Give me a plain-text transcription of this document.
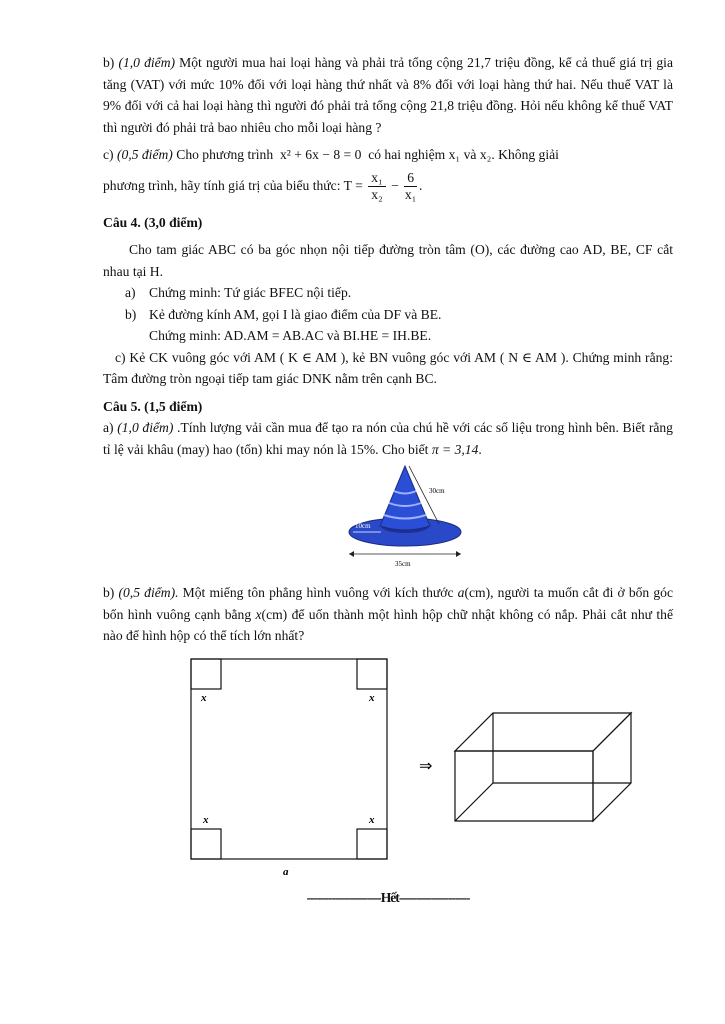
b) (1,0 điểm) Một người mua hai loại hàng và phải trả tổng cộng 21,7 triệu đồng, kể cả thuế giá trị gia tăng (VAT) với mức 10% đối với loại hàng thứ nhất và 8% đối với loại hàng thứ hai. Nếu thuế VAT là 9% đối với cả hai loại hàng thì người đó phải trả tổng cộng 21,8 triệu đồng. Hỏi nếu không kể thuế VAT thì người đó phải trả bao nhiêu cho mỗi loại hàng ?

c) (0,5 điểm) Cho phương trình x² + 6x − 8 = 0 có hai nghiệm x₁ và x₂. Không giải

phương trình, hãy tính giá trị của biểu thức: $T = \frac{\text{x₁}}{\text{x₂}} - \frac{6}{\text{x₁}}$ .

Câu 4. (3,0 điểm)

Cho tam giác ABC có ba góc nhọn nội tiếp đường tròn tâm (O), các đường cao AD, BE, CF cắt nhau tại H.

a) Chứng minh: Tứ giác BFEC nội tiếp.
b) Kẻ đường kính AM, gọi I là giao điểm của DF và BE.
Chứng minh: AD.AM = AB.AC và BI.HE = IH.BE.

c) Kẻ CK vuông góc với AM ( K ∈ AM ), kẻ BN vuông góc với AM ( N ∈ AM ). Chứng minh rằng: Tâm đường tròn ngoại tiếp tam giác DNK nằm trên cạnh BC.

Câu 5. (1,5 điểm)

a) (1,0 điểm) .Tính lượng vải cần mua để tạo ra nón của chú hề với các số liệu trong hình bên. Biết rằng tỉ lệ vải khâu (may) hao (tốn) khi may nón là 15%. Cho biết π = 3,14.

30cm
10cm
35cm

b) (0,5 điểm). Một miếng tôn phẳng hình vuông với kích thước a(cm), người ta muốn cắt đi ở bốn góc bốn hình vuông cạnh bằng x(cm) để uốn thành một hình hộp chữ nhật không có nắp. Phải cắt như thế nào để hình hộp có thể tích lớn nhất?

x	x
x	x
a
⇒

---------------------Hết--------------------
